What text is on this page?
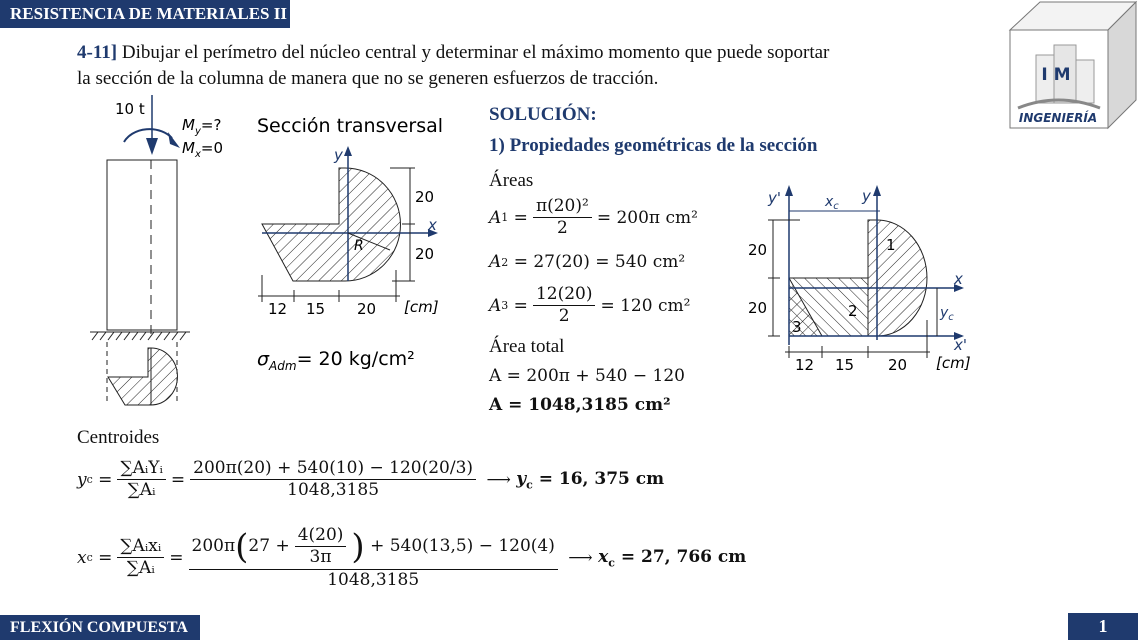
RESISTENCIA DE MATERIALES II
I M
INGENIERÍA
4-11] Dibujar el perímetro del núcleo central y determinar el máximo momento que puede soportar
la sección de la columna de manera que no se generen esfuerzos de tracción.
10 t
$M_y=$?
$M_x=0$
Sección transversal
y
x
R
20
20
12 15 20 [cm]
$\sigma_{Adm}= 20$ kg/cm²
SOLUCIÓN:
1) Propiedades geométricas de la sección
Áreas
A $1 = \frac{\text{π(20)²}}{2} = 200\pi$ cm²
A 2
= 27(20) = 540 cm²
A $3 = \frac{12(20)}{2} = 120$ cm²
Área total
A = 200π + 540 − 120
A = 1048,3185 cm²
y'	y
$x_c$
x
x'
$y_c$
1
2
3
20
20
12 15 20 [cm]
Centroides
y $c = \frac{\text{∑AᵢYᵢ}}{\text{∑Aᵢ}} = \frac{200\pi(20) + 540(10) - 120(20/3)}{1048,3185}$
⟶
$y_c = 16$, 375 cm
x $c = \frac{\text{∑Aᵢxᵢ}}{\text{∑Aᵢ}} = 200\pi$ ( $27 + \frac{4(20)}{3\pi}$ )
+ 540(13,5) − 120(4)
1048,3185
⟶
$x_c = 27$, 766 cm
FLEXIÓN COMPUESTA	1
